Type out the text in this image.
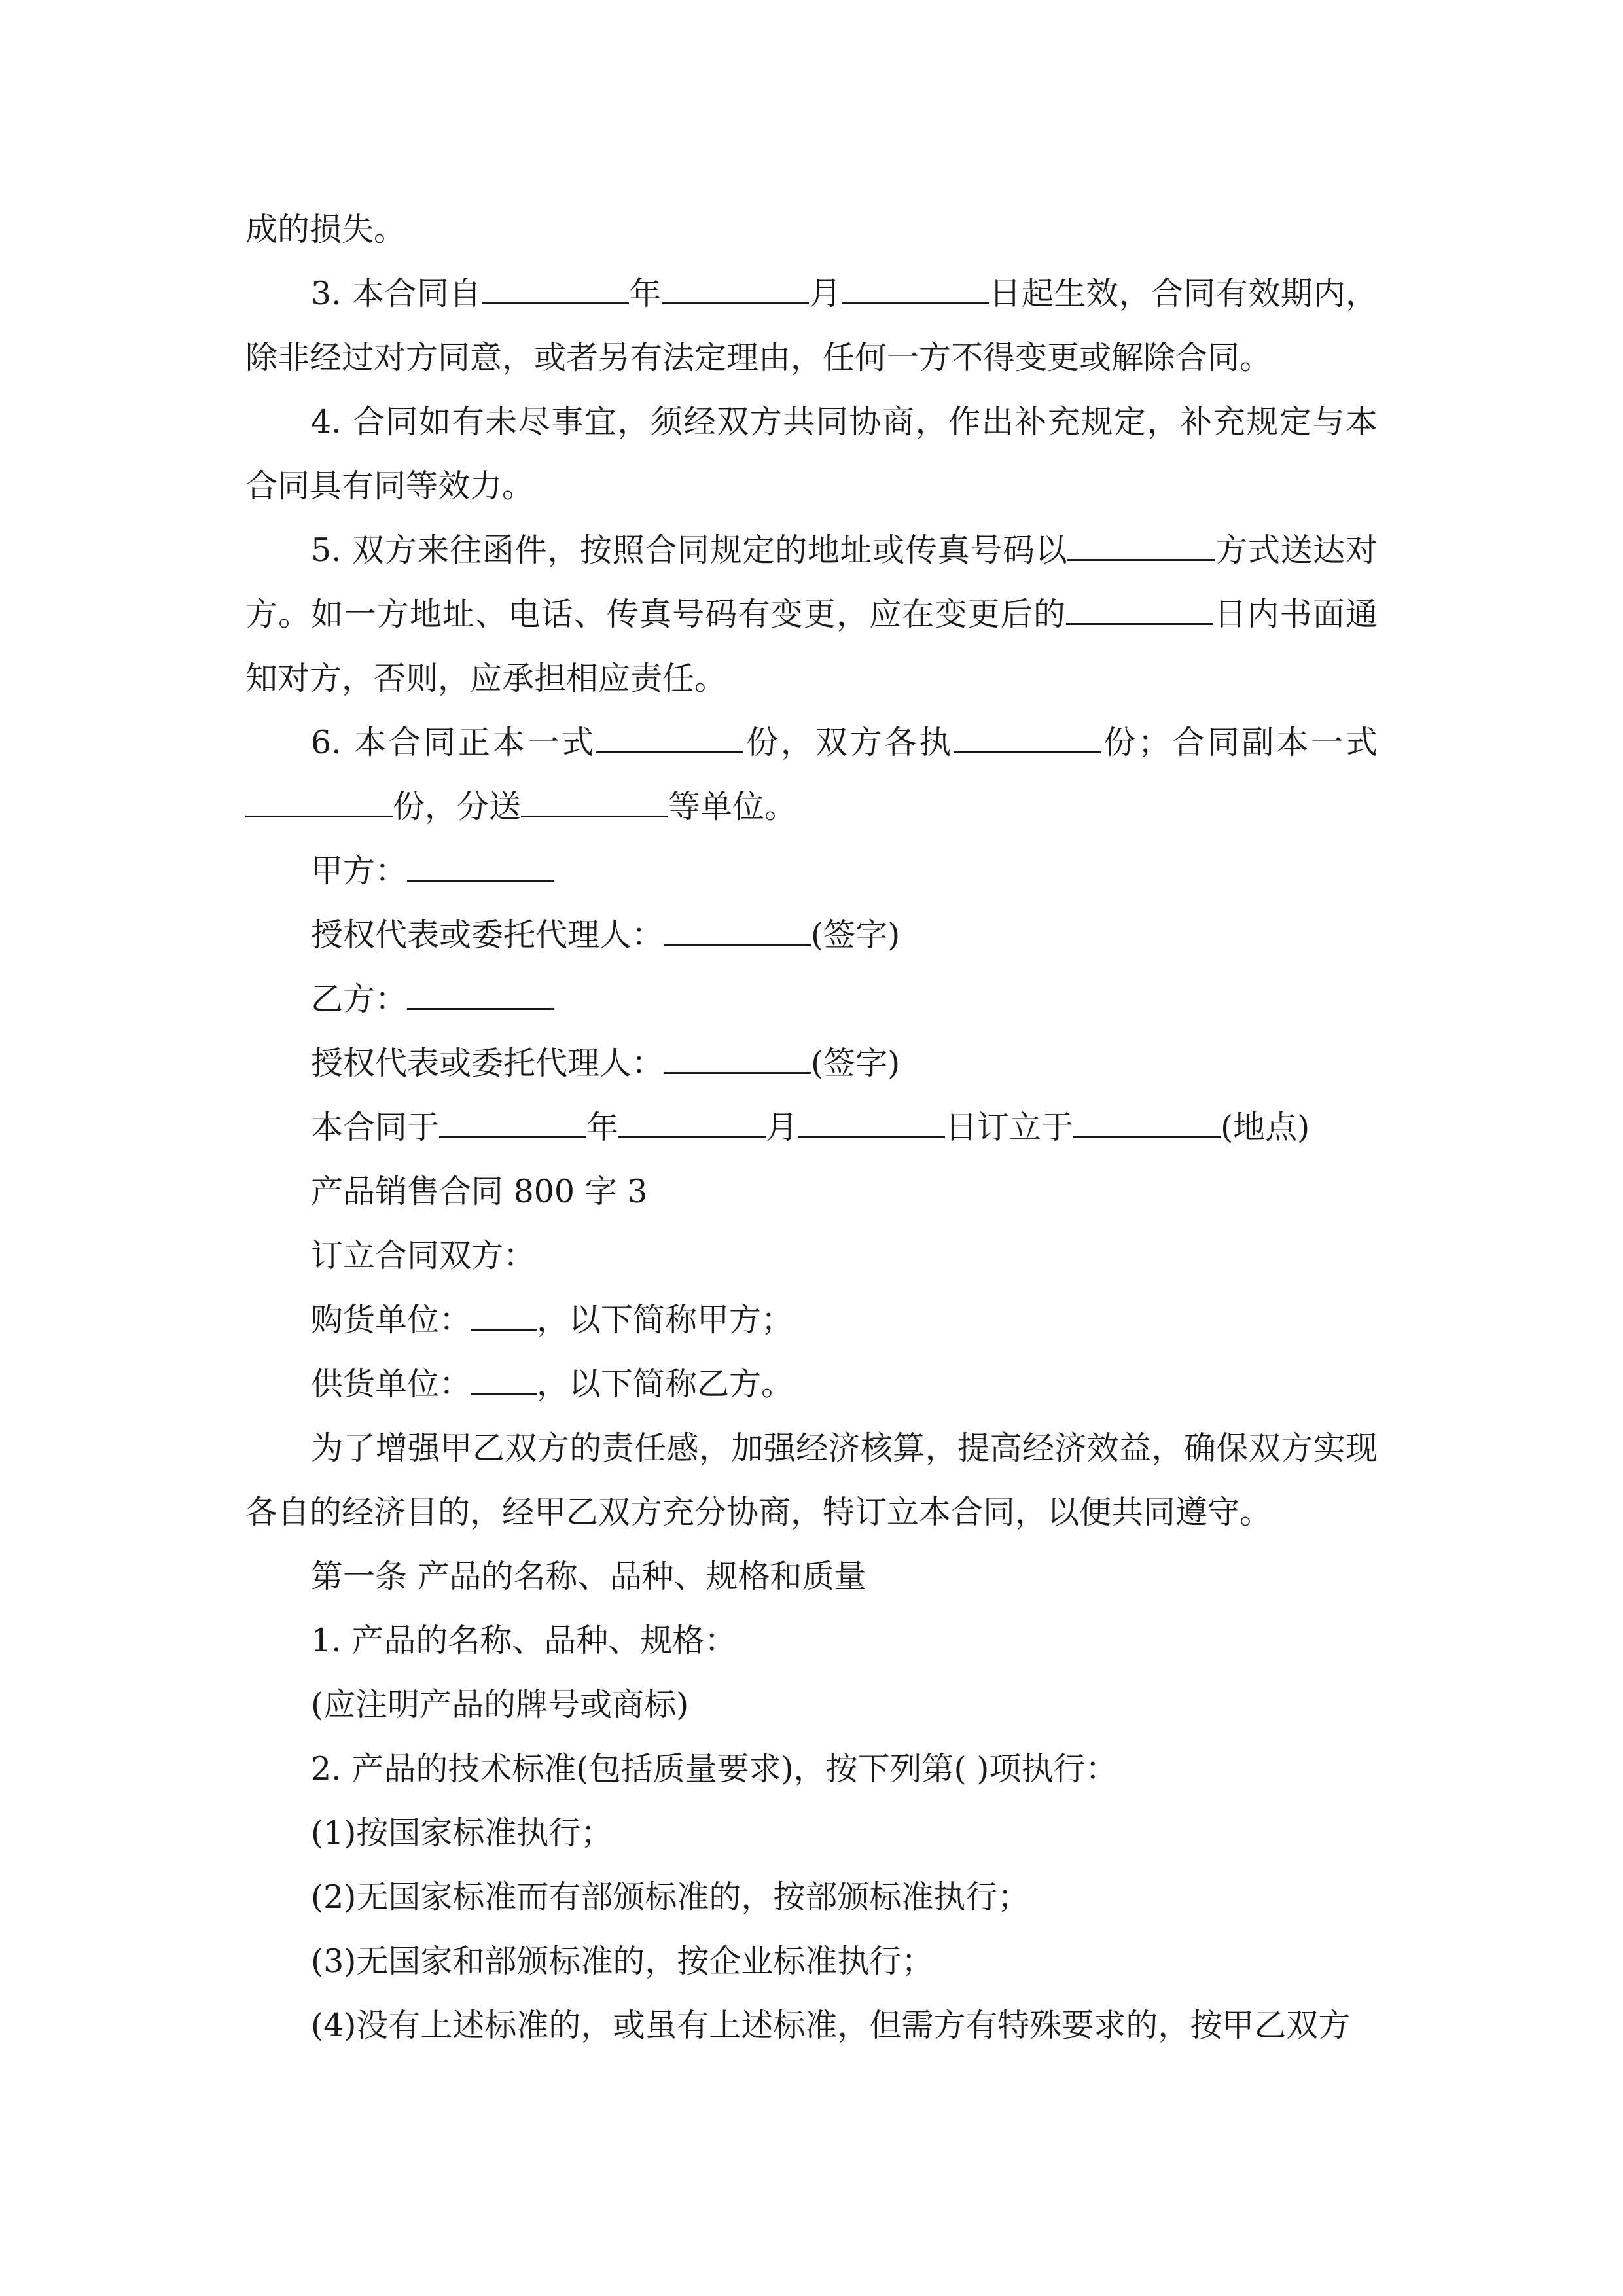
成的损失。

3. 本合同自	年	月	日起生效，合同有效期内，除非经过对方同意，或者另有法定理由，任何一方不得变更或解除合同。

4. 合同如有未尽事宜，须经双方共同协商，作出补充规定，补充规定与本合同具有同等效力。

5. 双方来往函件，按照合同规定的地址或传真号码以	方式送达对方。如一方地址、电话、传真号码有变更，应在变更后的	日内书面通知对方，否则，应承担相应责任。

6. 本合同正本一式	份，双方各执	份；合同副本一式份，分送	等单位。

甲方：

授权代表或委托代理人：	(签字)

乙方：

授权代表或委托代理人：	(签字)

本合同于	年	月	日订立于	(地点)

产品销售合同 800 字 3

订立合同双方：

购货单位： ，以下简称甲方；

供货单位： ，以下简称乙方。

为了增强甲乙双方的责任感，加强经济核算，提高经济效益，确保双方实现各自的经济目的，经甲乙双方充分协商，特订立本合同，以便共同遵守。

第一条 产品的名称、品种、规格和质量

1. 产品的名称、品种、规格：

(应注明产品的牌号或商标)

2. 产品的技术标准(包括质量要求)，按下列第( )项执行：

(1)按国家标准执行；

(2)无国家标准而有部颁标准的，按部颁标准执行；

(3)无国家和部颁标准的，按企业标准执行；

(4)没有上述标准的，或虽有上述标准，但需方有特殊要求的，按甲乙双方
